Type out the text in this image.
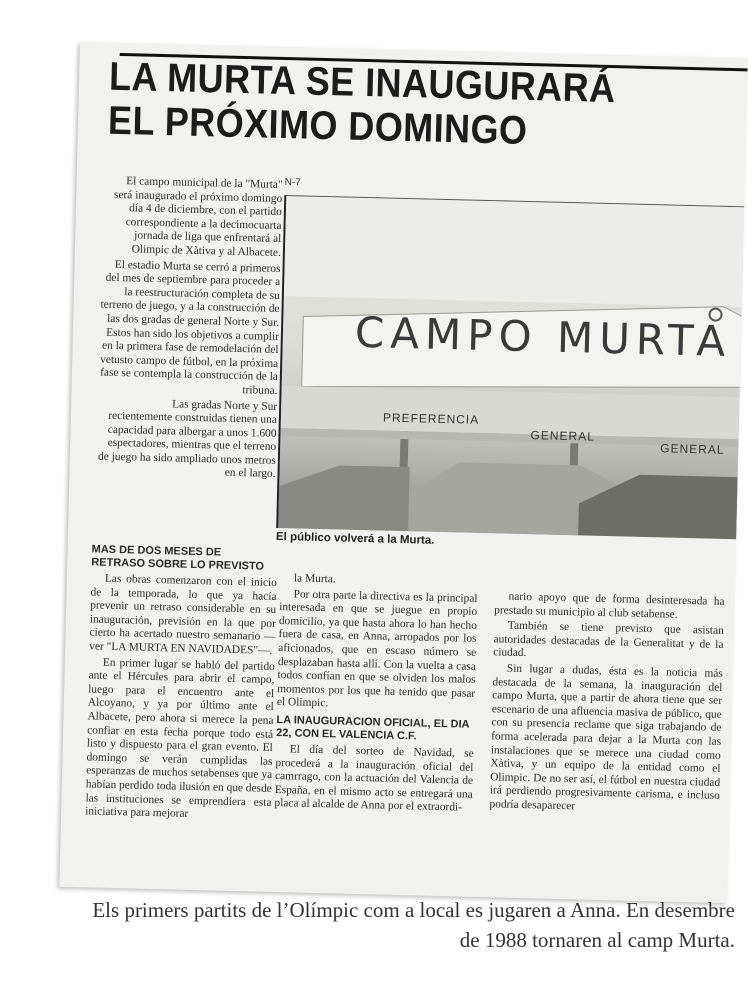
LA MURTA SE INAUGURARÁ EL PRÓXIMO DOMINGO

El campo municipal de la "Murta" será inaugurado el próximo domingo día 4 de diciembre, con el partido correspondiente a la decimocuarta jornada de liga que enfrentará al Olimpic de Xàtiva y al Albacete.

El estadio Murta se cerró a primeros del mes de septiembre para proceder a la reestructuración completa de su terreno de juego, y a la construcción de las dos gradas de general Norte y Sur. Estos han sido los objetivos a cumplir en la primera fase de remodelación del vetusto campo de fútbol, en la próxima fase se contempla la construcción de la tribuna.

Las gradas Norte y Sur recientemente construidas tienen una capacidad para albergar a unos 1.600 espectadores, mientras que el terreno de juego ha sido ampliado unos metros en el largo.

MAS DE DOS MESES DE RETRASO SOBRE LO PREVISTO

Las obras comenzaron con el inicio de la temporada, lo que ya hacía prevenir un retraso considerable en su inauguración, previsión en la que por cierto ha acertado nuestro semanario —ver "LA MURTA EN NAVIDADES"—.

En primer lugar se habló del partido ante el Hércules para abrir el campo, luego para el encuentro ante el Alcoyano, y ya por último ante el Albacete, pero ahora si merece la pena confiar en esta fecha porque todo está listo y dispuesto para el gran evento. El domingo se verán cumplidas las esperanzas de muchos setabenses que ya habían perdido toda ilusión en que desde las instituciones se emprendiera esta iniciativa para mejorar

N-7
CAMPO MURTA
PREFERENCIA
GENERAL
GENERAL
El público volverá a la Murta.

la Murta.

Por otra parte la directiva es la principal interesada en que se juegue en propio domicilio, ya que hasta ahora lo han hecho fuera de casa, en Anna, arropados por los aficionados, que en escaso número se desplazaban hasta allí. Con la vuelta a casa todos confían en que se olviden los malos momentos por los que ha tenido que pasar el Olimpic.

LA INAUGURACION OFICIAL, EL DIA 22, CON EL VALENCIA C.F.

El día del sorteo de Navidad, se procederá a la inauguración oficial del camrrago, con la actuación del Valencia de España, en el mismo acto se entregará una placa al alcalde de Anna por el extraordi-

nario apoyo que de forma desinteresada ha prestado su municipio al club setabense.

También se tiene previsto que asistan autoridades destacadas de la Generalitat y de la ciudad.

Sin lugar a dudas, ésta es la noticia más destacada de la semana, la inauguración del campo Murta, que a partir de ahora tiene que ser escenario de una afluencia masiva de público, que con su presencia reclame que siga trabajando de forma acelerada para dejar a la Murta con las instalaciones que se merece una ciudad como Xàtiva, y un equipo de la entidad como el Olimpic. De no ser así, el fútbol en nuestra ciudad irá perdiendo progresivamente carisma, e incluso podría desaparecer

Els primers partits de l’Olímpic com a local es jugaren a Anna. En desembre de 1988 tornaren al camp Murta.
